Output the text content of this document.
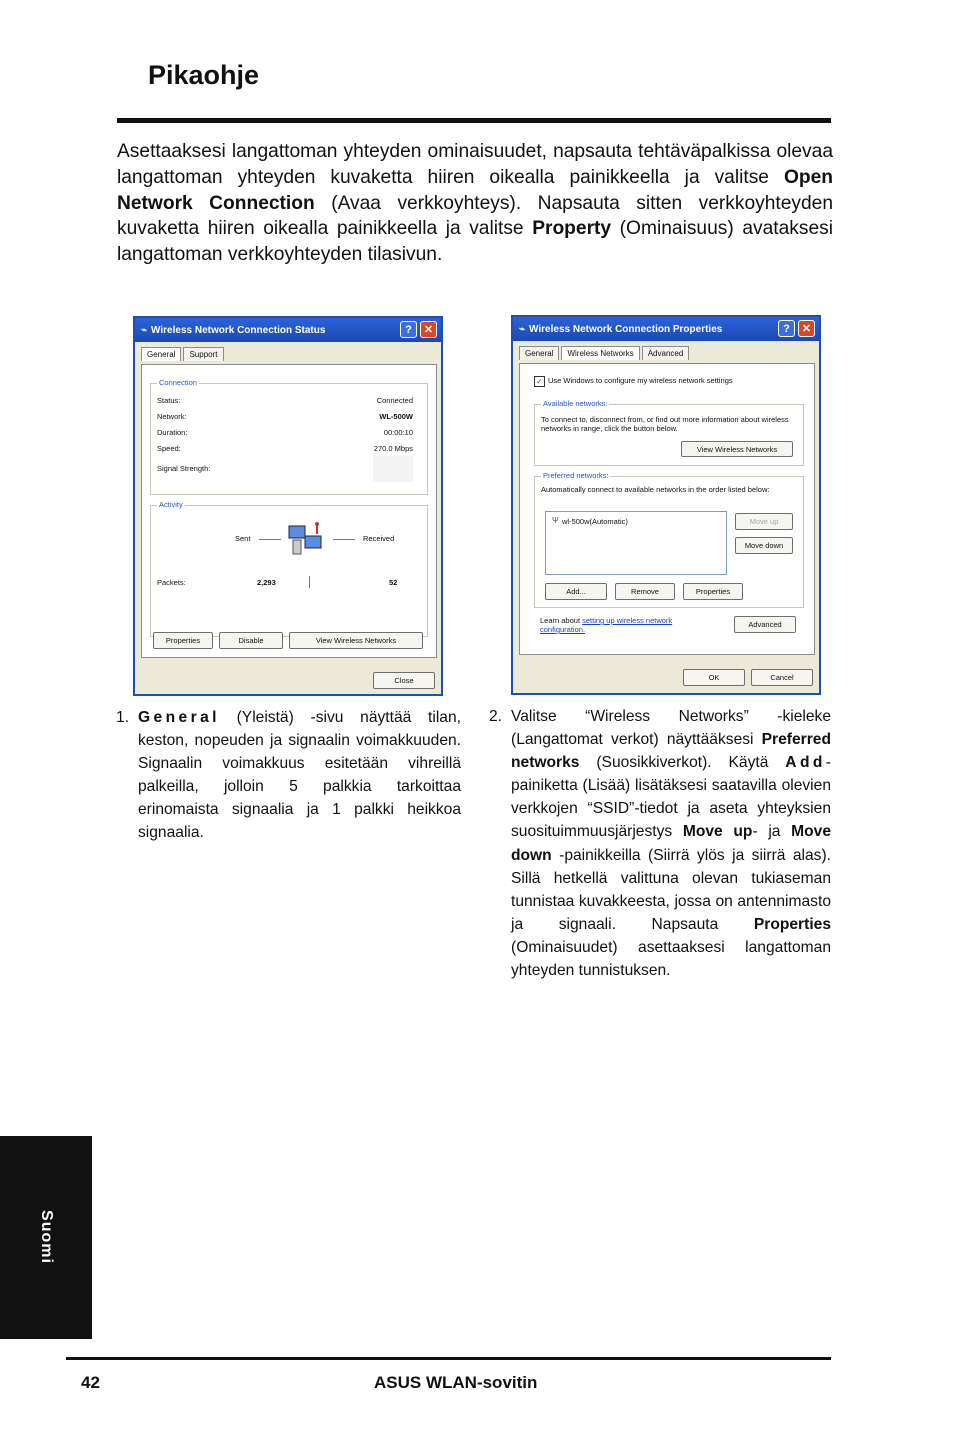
Pikaohje
Asettaaksesi langattoman yhteyden ominaisuudet, napsauta tehtäväpalkissa olevaa langattoman yhteyden kuvaketta hiiren oikealla painikkeella ja valitse Open Network Connection (Avaa verkkoyhteys). Napsauta sitten verkkoyhteyden kuvaketta hiiren oikealla painikkeella ja valitse Property (Ominaisuus) avataksesi langattoman verkkoyhteyden tilasivun.
⌁ Wireless Network Connection Status	?	✕
General	Support
Connection
Status:	Connected
Network:	WL-500W
Duration:	00:00:10
Speed:	270.0 Mbps
Signal Strength:
Activity
Sent	Received
Packets:	2,293	52
Properties	Disable	View Wireless Networks
Close
⌁ Wireless Network Connection Properties	?	✕
General	Wireless Networks	Advanced
✓ Use Windows to configure my wireless network settings
Available networks:
To connect to, disconnect from, or find out more information about wireless networks in range, click the button below.
View Wireless Networks
Preferred networks:
Automatically connect to available networks in the order listed below:
Ψ wl-500w(Automatic)	Move up
Move down
Add...	Remove	Properties
Learn about setting up wireless network configuration.
Advanced
OK	Cancel
1. General (Yleistä) -sivu näyttää tilan, keston, nopeuden ja signaalin voimakkuuden. Signaalin voimakkuus esitetään vihreillä palkeilla, jolloin 5 palkkia tarkoittaa erinomaista signaalia ja 1 palkki heikkoa signaalia.
2. Valitse “Wireless Networks” -kieleke (Langattomat verkot) näyttääksesi Preferred networks (Suosikkiverkot). Käytä Add-painiketta (Lisää) lisätäksesi saatavilla olevien verkkojen “SSID”-tiedot ja aseta yhteyksien suosituimmuusjärjestys Move up- ja Move down -painikkeilla (Siirrä ylös ja siirrä alas). Sillä hetkellä valittuna olevan tukiaseman tunnistaa kuvakkeesta, jossa on antennimasto ja signaali. Napsauta Properties (Ominaisuudet) asettaaksesi langattoman yhteyden tunnistuksen.
Suomi
42	ASUS WLAN-sovitin
